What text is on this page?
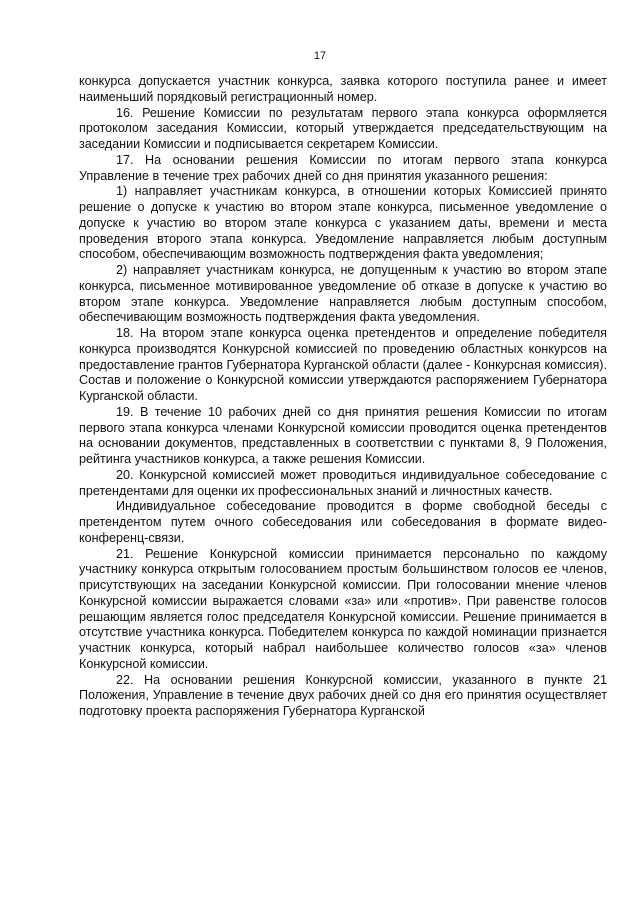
17

конкурса допускается участник конкурса, заявка которого поступила ранее и имеет наименьший порядковый регистрационный номер.

16. Решение Комиссии по результатам первого этапа конкурса оформляется протоколом заседания Комиссии, который утверждается председательствующим на заседании Комиссии и подписывается секретарем Комиссии.

17. На основании решения Комиссии по итогам первого этапа конкурса Управление в течение трех рабочих дней со дня принятия указанного решения:

1) направляет участникам конкурса, в отношении которых Комиссией принято решение о допуске к участию во втором этапе конкурса, письменное уведомление о допуске к участию во втором этапе конкурса с указанием даты, времени и места проведения второго этапа конкурса. Уведомление направляется любым доступным способом, обеспечивающим возможность подтверждения факта уведомления;

2) направляет участникам конкурса, не допущенным к участию во втором этапе конкурса, письменное мотивированное уведомление об отказе в допуске к участию во втором этапе конкурса. Уведомление направляется любым доступным способом, обеспечивающим возможность подтверждения факта уведомления.

18. На втором этапе конкурса оценка претендентов и определение победителя конкурса производятся Конкурсной комиссией по проведению областных конкурсов на предоставление грантов Губернатора Курганской области (далее - Конкурсная комиссия). Состав и положение о Конкурсной комиссии утверждаются распоряжением Губернатора Курганской области.

19. В течение 10 рабочих дней со дня принятия решения Комиссии по итогам первого этапа конкурса членами Конкурсной комиссии проводится оценка претендентов на основании документов, представленных в соответствии с пунктами 8, 9 Положения, рейтинга участников конкурса, а также решения Комиссии.

20. Конкурсной комиссией может проводиться индивидуальное собеседование с претендентами для оценки их профессиональных знаний и личностных качеств.

Индивидуальное собеседование проводится в форме свободной беседы с претендентом путем очного собеседования или собеседования в формате видео-конференц-связи.

21. Решение Конкурсной комиссии принимается персонально по каждому участнику конкурса открытым голосованием простым большинством голосов ее членов, присутствующих на заседании Конкурсной комиссии. При голосовании мнение членов Конкурсной комиссии выражается словами «за» или «против». При равенстве голосов решающим является голос председателя Конкурсной комиссии. Решение принимается в отсутствие участника конкурса. Победителем конкурса по каждой номинации признается участник конкурса, который набрал наибольшее количество голосов «за» членов Конкурсной комиссии.

22. На основании решения Конкурсной комиссии, указанного в пункте 21 Положения, Управление в течение двух рабочих дней со дня его принятия осуществляет подготовку проекта распоряжения Губернатора Курганской
